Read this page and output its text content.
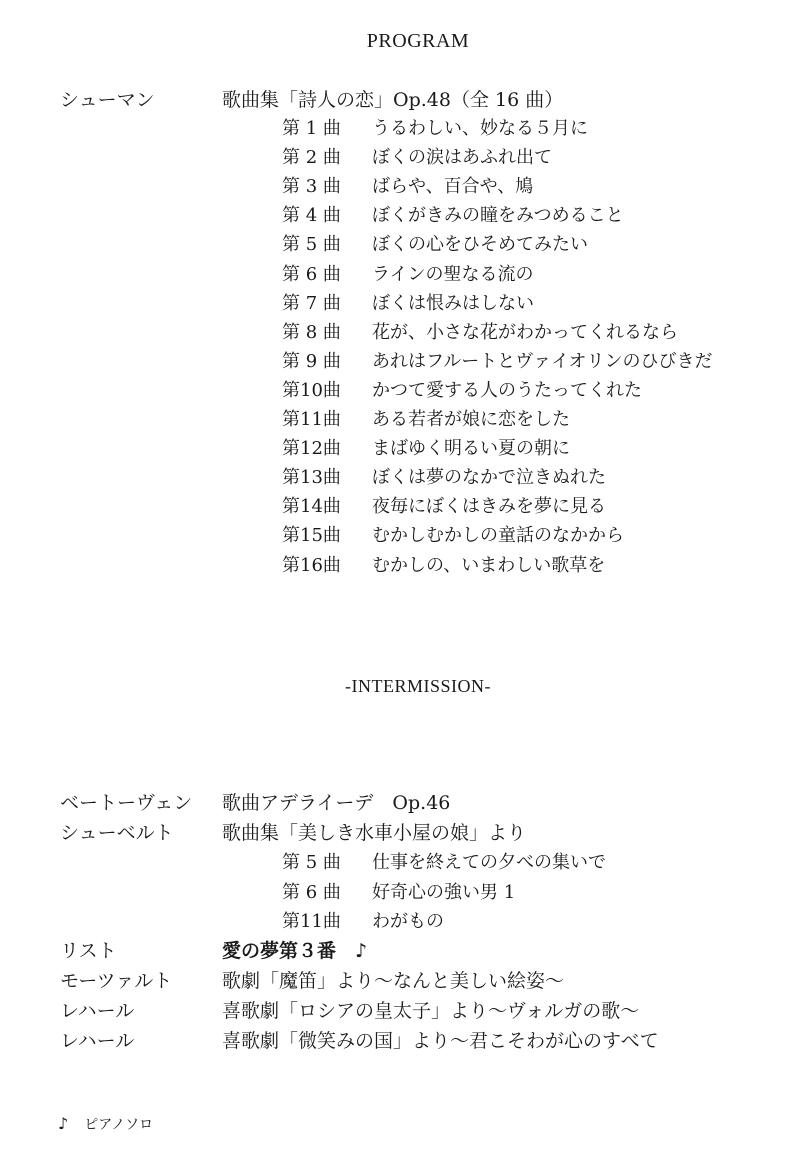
PROGRAM
シューマン	歌曲集「詩人の恋」Op.48（全 16 曲）
第 1 曲	うるわしい、妙なる５月に
第 2 曲	ぼくの涙はあふれ出て
第 3 曲	ばらや、百合や、鳩
第 4 曲	ぼくがきみの瞳をみつめること
第 5 曲	ぼくの心をひそめてみたい
第 6 曲	ラインの聖なる流の
第 7 曲	ぼくは恨みはしない
第 8 曲	花が、小さな花がわかってくれるなら
第 9 曲	あれはフルートとヴァイオリンのひびきだ
第10曲	かつて愛する人のうたってくれた
第11曲	ある若者が娘に恋をした
第12曲	まばゆく明るい夏の朝に
第13曲	ぼくは夢のなかで泣きぬれた
第14曲	夜毎にぼくはきみを夢に見る
第15曲	むかしむかしの童話のなかから
第16曲	むかしの、いまわしい歌草を
-INTERMISSION-
ベートーヴェン 歌曲アデライーデ　Op.46
シューベルト	歌曲集「美しき水車小屋の娘」より
第 5 曲	仕事を終えての夕べの集いで
第 6 曲	好奇心の強い男 1
第11曲	わがもの
リスト	愛の夢第３番　♪
モーツァルト	歌劇「魔笛」より～なんと美しい絵姿～
レハール	喜歌劇「ロシアの皇太子」より～ヴォルガの歌～
レハール	喜歌劇「微笑みの国」より～君こそわが心のすべて
♪ ピアノソロ
